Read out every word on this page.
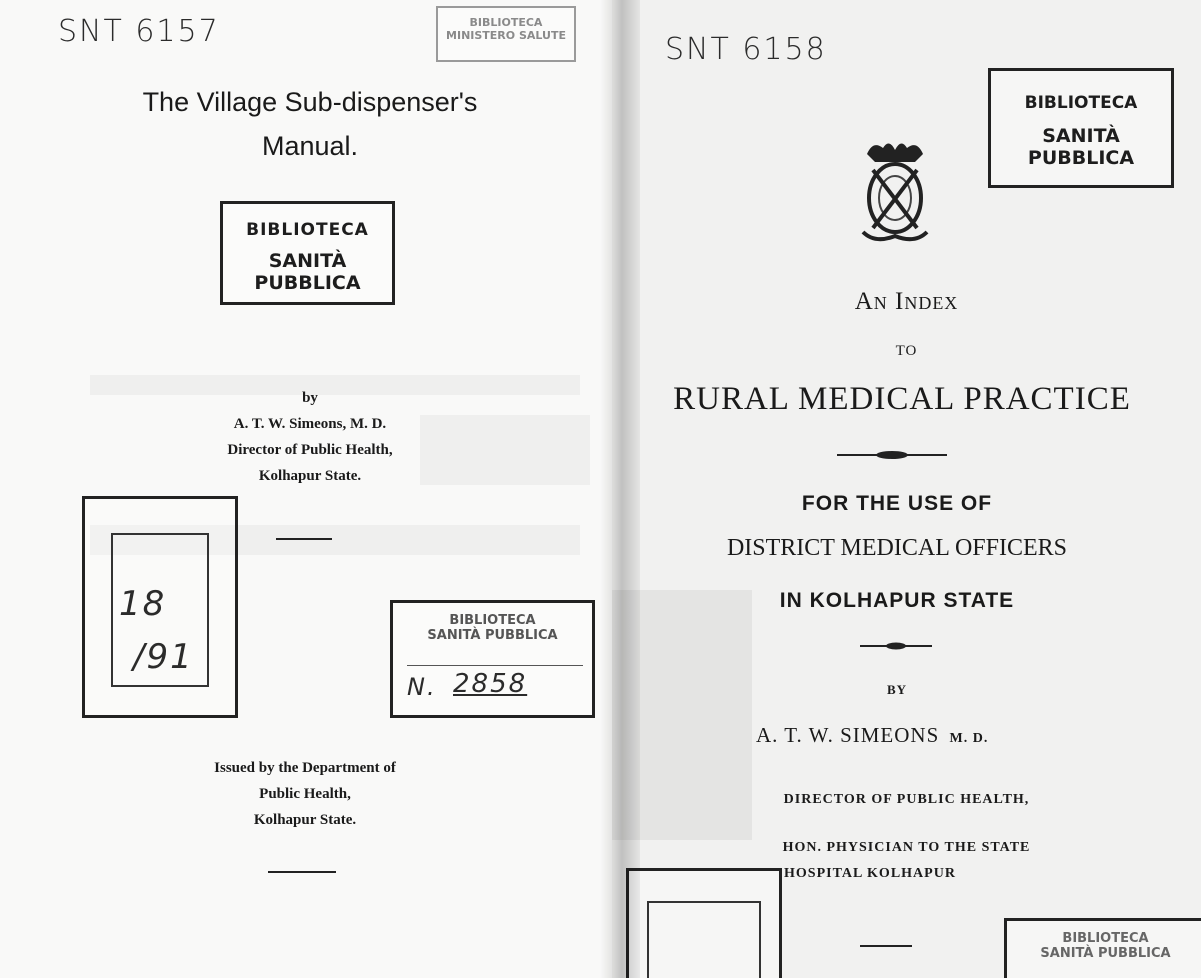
SNT 6157	BIBLIOTECA
MINISTERO SALUTE
The Village Sub-dispenser's
Manual.
BIBLIOTECA
SANITÀ PUBBLICA
by
A. T. W. Simeons, M. D.
Director of Public Health,
Kolhapur State.
18
/91
BIBLIOTECA
SANITÀ PUBBLICA
N. 2858
Issued by the Department of
Public Health,
Kolhapur State.
SNT 6158
BIBLIOTECA
SANITÀ PUBBLICA
An Index
TO
RURAL MEDICAL PRACTICE
FOR THE USE OF
DISTRICT MEDICAL OFFICERS
IN KOLHAPUR STATE
BY
A. T. W. SIMEONS M. D.
DIRECTOR OF PUBLIC HEALTH,
HON. PHYSICIAN TO THE STATE
HOSPITAL KOLHAPUR
BIBLIOTECA
SANITÀ PUBBLICA
